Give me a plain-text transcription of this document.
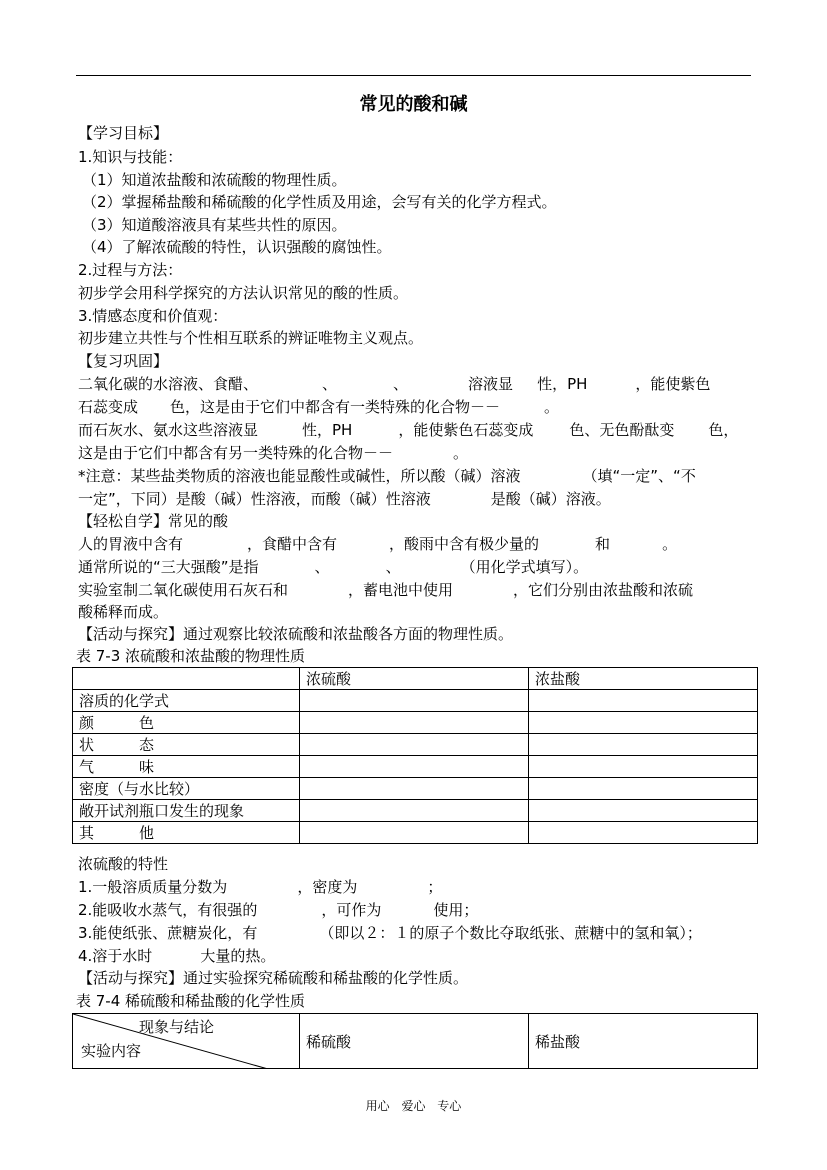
常见的酸和碱
【学习目标】
1.知识与技能：
（1）知道浓盐酸和浓硫酸的物理性质。
（2）掌握稀盐酸和稀硫酸的化学性质及用途，会写有关的化学方程式。
（3）知道酸溶液具有某些共性的原因。
（4）了解浓硫酸的特性，认识强酸的腐蚀性。
2.过程与方法：
初步学会用科学探究的方法认识常见的酸的性质。
3.情感态度和价值观：
初步建立共性与个性相互联系的辨证唯物主义观点。
【复习巩固】
二氧化碳的水溶液、食醋、	、	、	溶液显 性，PH	，能使紫色
石蕊变成 色，这是由于它们中都含有一类特殊的化合物－－	。
而石灰水、氨水这些溶液显	性，PH	，能使紫色石蕊变成 色、无色酚酞变 色，
这是由于它们中都含有另一类特殊的化合物－－	。
*注意：某些盐类物质的溶液也能显酸性或碱性，所以酸（碱）溶液	（填“一定”、“不
一定”，下同）是酸（碱）性溶液，而酸（碱）性溶液	是酸（碱）溶液。
【轻松自学】常见的酸
人的胃液中含有	，食醋中含有	，酸雨中含有极少量的	和	。
通常所说的“三大强酸”是指	、	、	（用化学式填写）。
实验室制二氧化碳使用石灰石和	，蓄电池中使用	，它们分别由浓盐酸和浓硫
酸稀释而成。
【活动与探究】通过观察比较浓硫酸和浓盐酸各方面的物理性质。
表 7-3 浓硫酸和浓盐酸的物理性质
	浓硫酸	浓盐酸
溶质的化学式		
颜　　　色		
状　　　态		
气　　　味		
密度（与水比较）		
敞开试剂瓶口发生的现象		
其　　　他		
浓硫酸的特性
1.一般溶质质量分数为	，密度为	；
2.能吸收水蒸气，有很强的	，可作为	使用；
3.能使纸张、蔗糖炭化，有	（即以２：１的原子个数比夺取纸张、蔗糖中的氢和氧）；
4.溶于水时	大量的热。
【活动与探究】通过实验探究稀硫酸和稀盐酸的化学性质。
表 7-4 稀硫酸和稀盐酸的化学性质
现象与结论
实验内容
	稀硫酸	稀盐酸
用心 爱心 专心
